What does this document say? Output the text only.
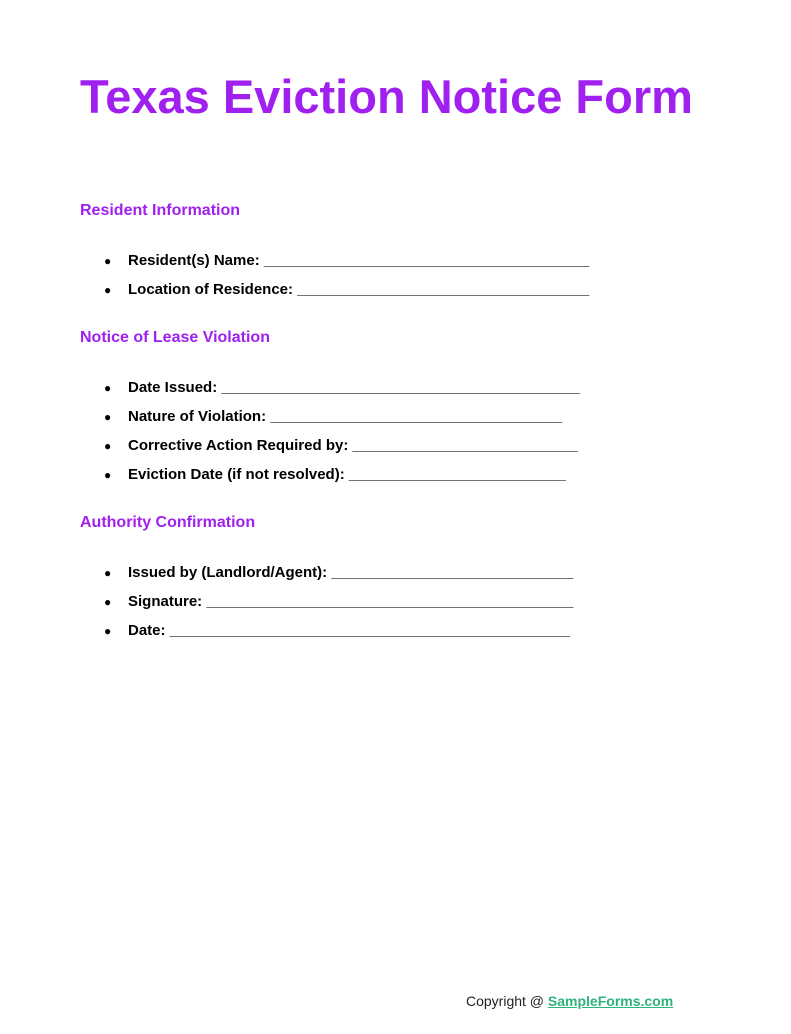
Texas Eviction Notice Form
Resident Information
● Resident(s) Name: _______________________________________
● Location of Residence: ___________________________________
Notice of Lease Violation
● Date Issued: ___________________________________________
● Nature of Violation: ___________________________________
● Corrective Action Required by: ___________________________
● Eviction Date (if not resolved): __________________________
Authority Confirmation
● Issued by (Landlord/Agent): _____________________________
● Signature: ____________________________________________
● Date: ________________________________________________
Copyright @ SampleForms.com
